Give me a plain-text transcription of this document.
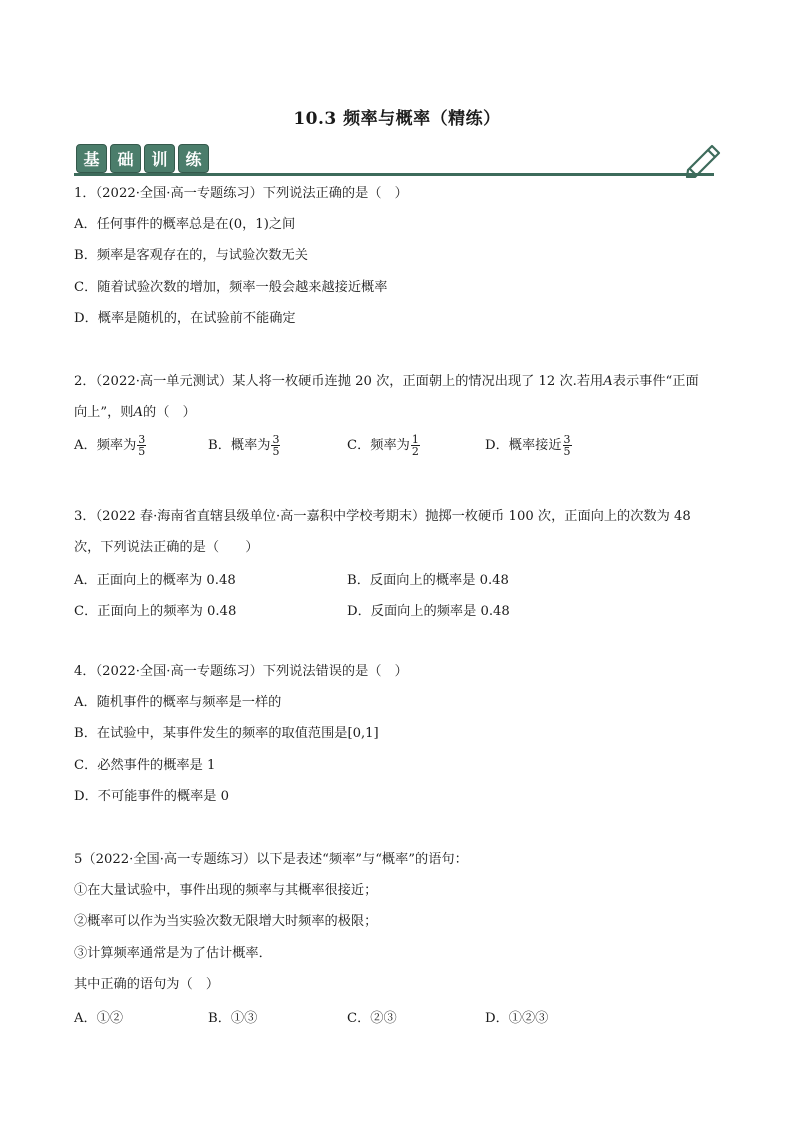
10.3 频率与概率（精练）
基	础	训	练
1．（2022·全国·高一专题练习）下列说法正确的是（　）
A．任何事件的概率总是在(0，1)之间
B．频率是客观存在的，与试验次数无关
C．随着试验次数的增加，频率一般会越来越接近概率
D．概率是随机的，在试验前不能确定
2．（2022·高一单元测试）某人将一枚硬币连抛 20 次，正面朝上的情况出现了 12 次.若用A表示事件“正面
向上”，则A的（　）
A．频率为 $\frac{3}{5}$	B．概率为 $\frac{3}{5}$	C．频率为 $\frac{1}{2}$	D．概率接近 $\frac{3}{5}$
3．（2022 春·海南省直辖县级单位·高一嘉积中学校考期末）抛掷一枚硬币 100 次，正面向上的次数为 48
次，下列说法正确的是（　　）
A．正面向上的概率为 0.48	B．反面向上的概率是 0.48
C．正面向上的频率为 0.48	D．反面向上的频率是 0.48
4．（2022·全国·高一专题练习）下列说法错误的是（　）
A．随机事件的概率与频率是一样的
B．在试验中，某事件发生的频率的取值范围是[0,1]
C．必然事件的概率是 1
D．不可能事件的概率是 0
5（2022·全国·高一专题练习）以下是表述“频率”与“概率”的语句：
①在大量试验中，事件出现的频率与其概率很接近；
②概率可以作为当实验次数无限增大时频率的极限；
③计算频率通常是为了估计概率．
其中正确的语句为（　）
A．①②	B．①③	C．②③	D．①②③
